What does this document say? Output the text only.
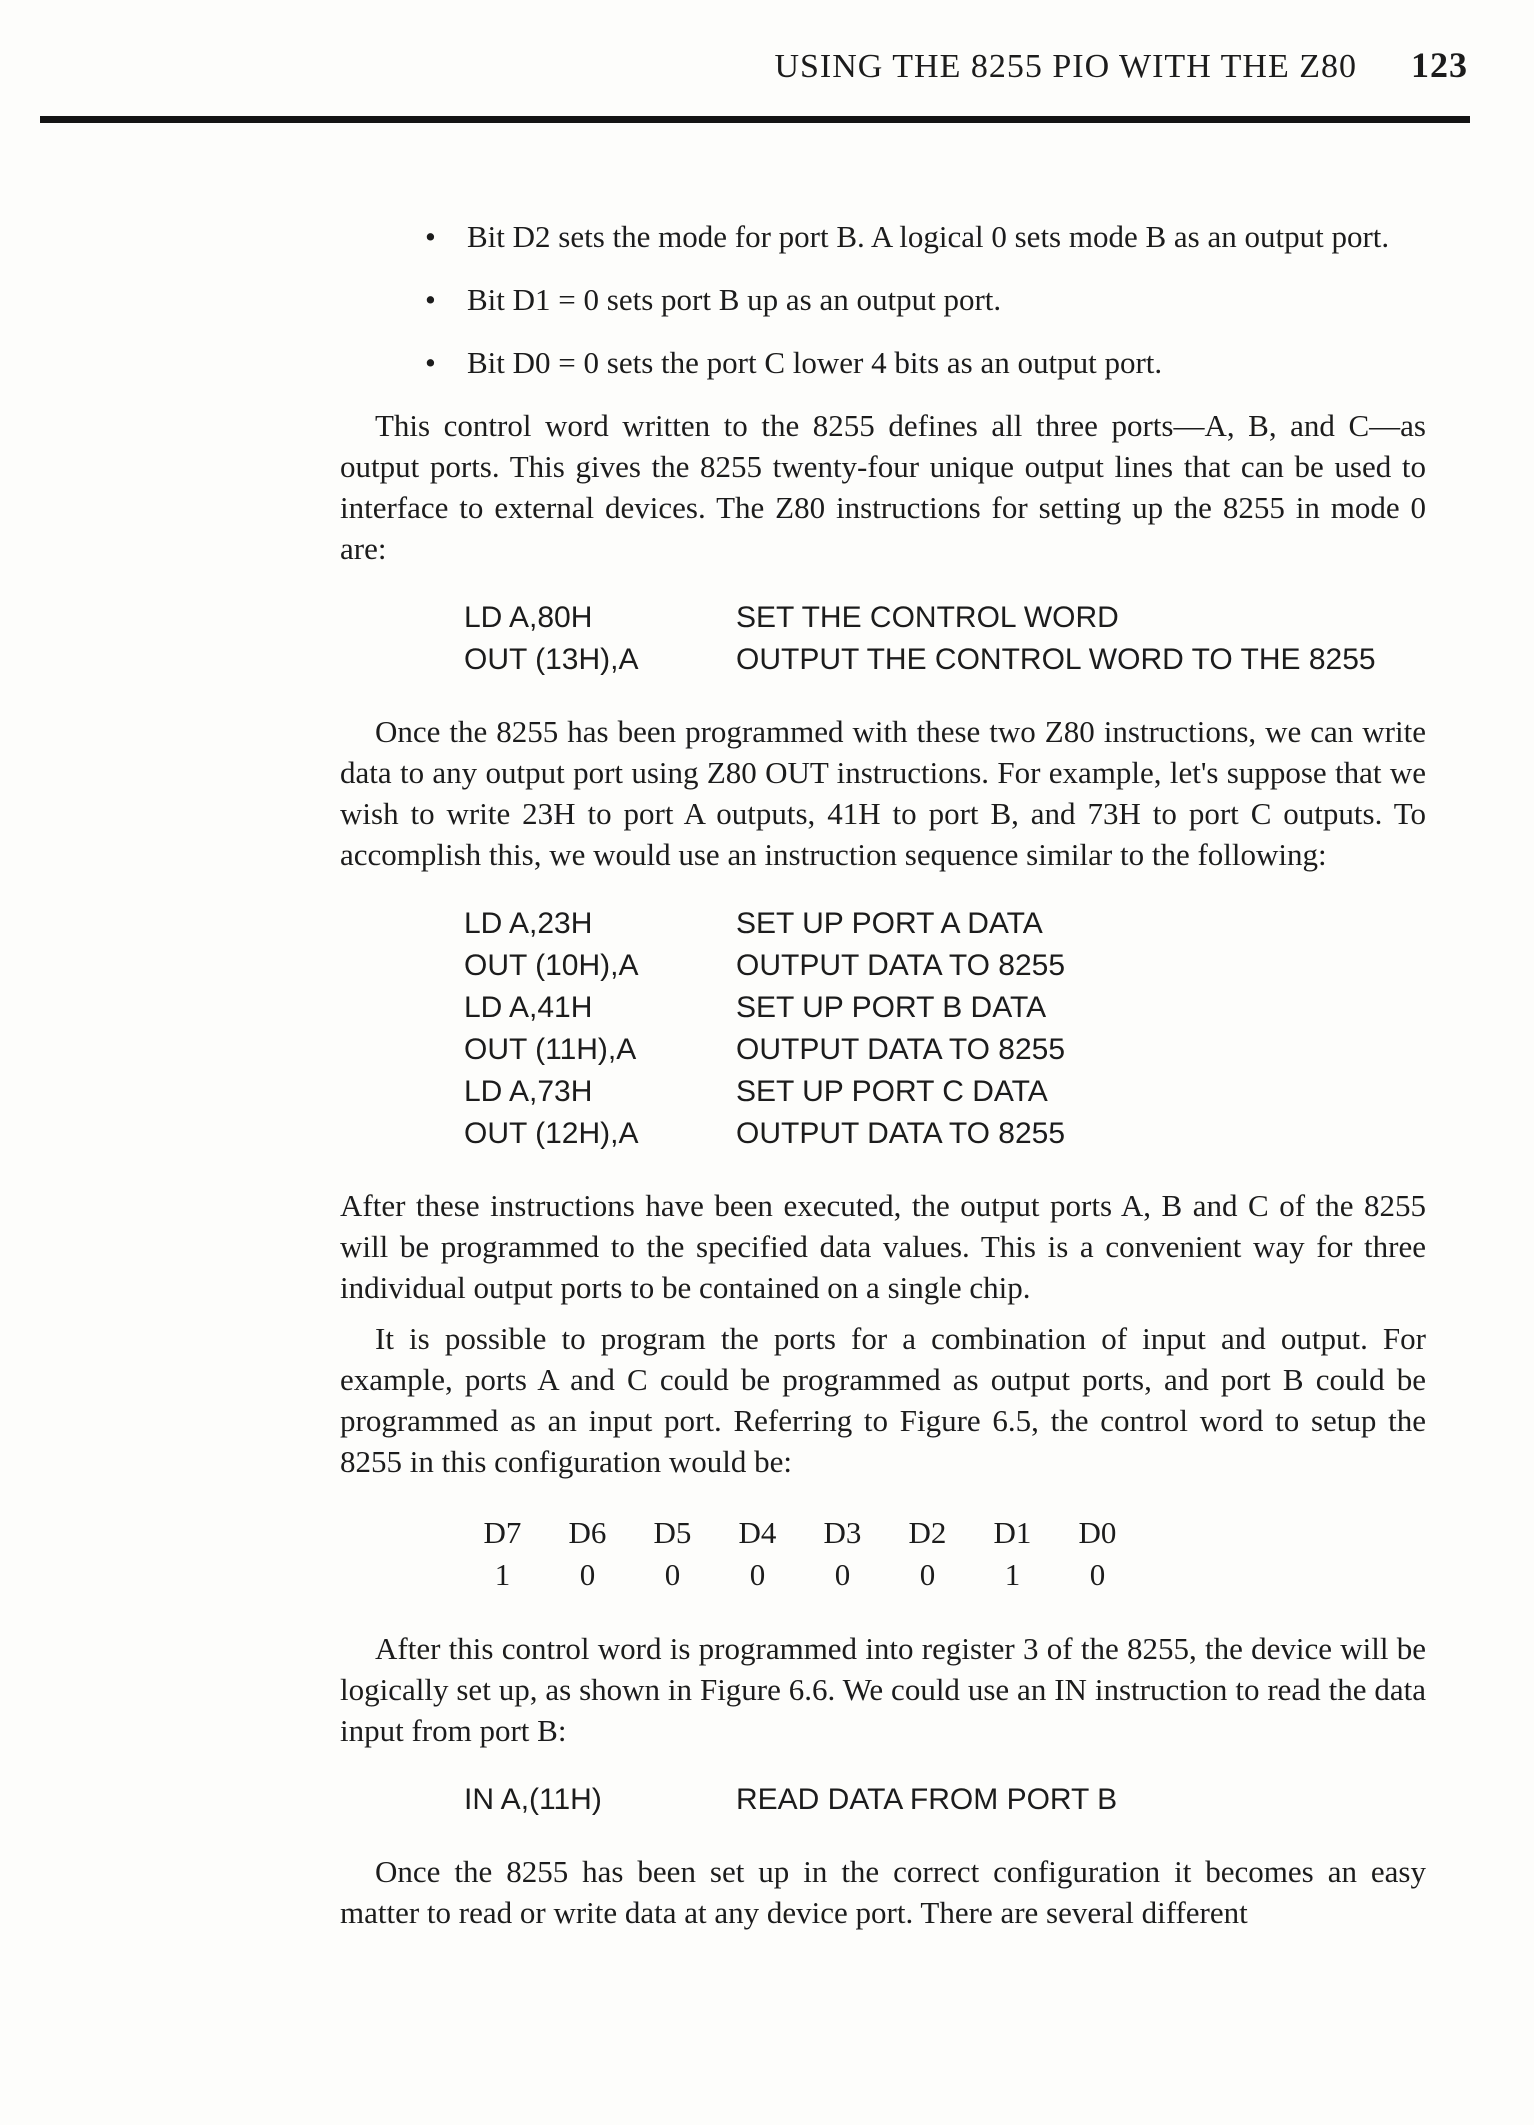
USING THE 8255 PIO WITH THE Z80 123
• Bit D2 sets the mode for port B. A logical 0 sets mode B as an output port.
• Bit D1 = 0 sets port B up as an output port.
• Bit D0 = 0 sets the port C lower 4 bits as an output port.

This control word written to the 8255 defines all three ports—A, B, and C—as output ports. This gives the 8255 twenty-four unique output lines that can be used to interface to external devices. The Z80 instructions for setting up the 8255 in mode 0 are:

LD A,80H	SET THE CONTROL WORD
OUT (13H),A	OUTPUT THE CONTROL WORD TO THE 8255

Once the 8255 has been programmed with these two Z80 instructions, we can write data to any output port using Z80 OUT instructions. For example, let's suppose that we wish to write 23H to port A outputs, 41H to port B, and 73H to port C outputs. To accomplish this, we would use an instruction sequence similar to the following:

LD A,23H	SET UP PORT A DATA
OUT (10H),A	OUTPUT DATA TO 8255
LD A,41H	SET UP PORT B DATA
OUT (11H),A	OUTPUT DATA TO 8255
LD A,73H	SET UP PORT C DATA
OUT (12H),A	OUTPUT DATA TO 8255

After these instructions have been executed, the output ports A, B and C of the 8255 will be programmed to the specified data values. This is a convenient way for three individual output ports to be contained on a single chip.

It is possible to program the ports for a combination of input and output. For example, ports A and C could be programmed as output ports, and port B could be programmed as an input port. Referring to Figure 6.5, the control word to setup the 8255 in this configuration would be:

D7	D6	D5	D4	D3	D2	D1	D0
1	0	0	0	0	0	1	0

After this control word is programmed into register 3 of the 8255, the device will be logically set up, as shown in Figure 6.6. We could use an IN instruction to read the data input from port B:

IN A,(11H)	READ DATA FROM PORT B

Once the 8255 has been set up in the correct configuration it becomes an easy matter to read or write data at any device port. There are several different
